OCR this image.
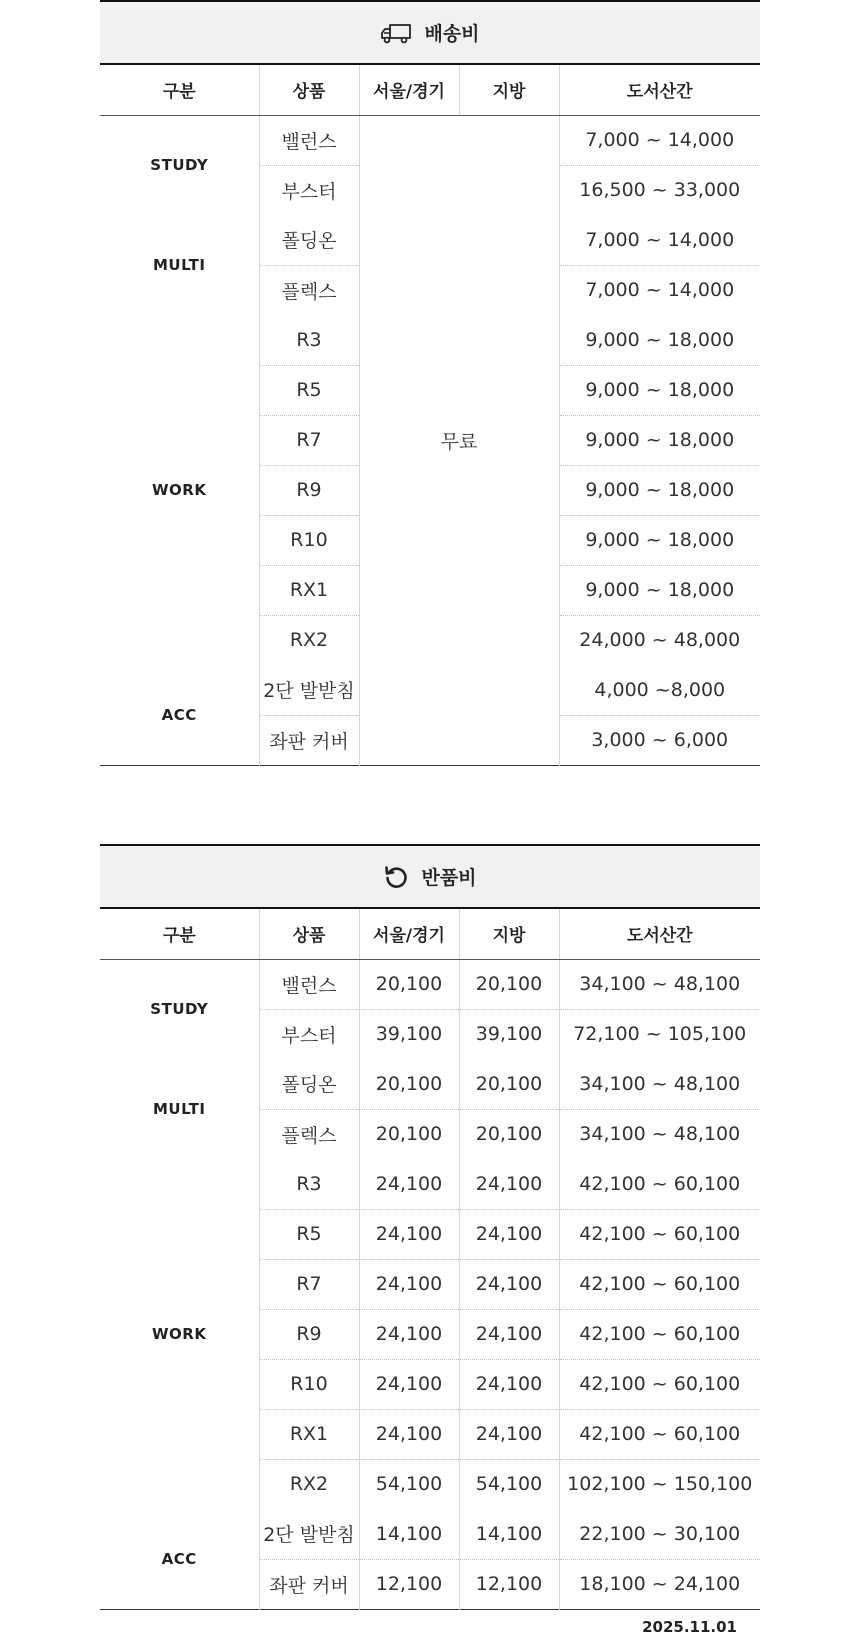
배송비
구분	상품	서울/경기	지방	도서산간
STUDY	밸런스	무료		7,000 ~ 14,000
	부스터			16,500 ~ 33,000
MULTI	폴딩온			7,000 ~ 14,000
	플렉스			7,000 ~ 14,000
WORK	R3			9,000 ~ 18,000
	R5			9,000 ~ 18,000
	R7			9,000 ~ 18,000
	R9			9,000 ~ 18,000
	R10			9,000 ~ 18,000
	RX1			9,000 ~ 18,000
	RX2			24,000 ~ 48,000
ACC	2단 발받침			4,000 ~8,000
	좌판 커버			3,000 ~ 6,000
반품비
구분	상품	서울/경기	지방	도서산간
STUDY	밸런스	20,100	20,100	34,100 ~ 48,100
	부스터	39,100	39,100	72,100 ~ 105,100
MULTI	폴딩온	20,100	20,100	34,100 ~ 48,100
	플렉스	20,100	20,100	34,100 ~ 48,100
WORK	R3	24,100	24,100	42,100 ~ 60,100
	R5	24,100	24,100	42,100 ~ 60,100
	R7	24,100	24,100	42,100 ~ 60,100
	R9	24,100	24,100	42,100 ~ 60,100
	R10	24,100	24,100	42,100 ~ 60,100
	RX1	24,100	24,100	42,100 ~ 60,100
	RX2	54,100	54,100	102,100 ~ 150,100
ACC	2단 발받침	14,100	14,100	22,100 ~ 30,100
	좌판 커버	12,100	12,100	18,100 ~ 24,100
2025.11.01
